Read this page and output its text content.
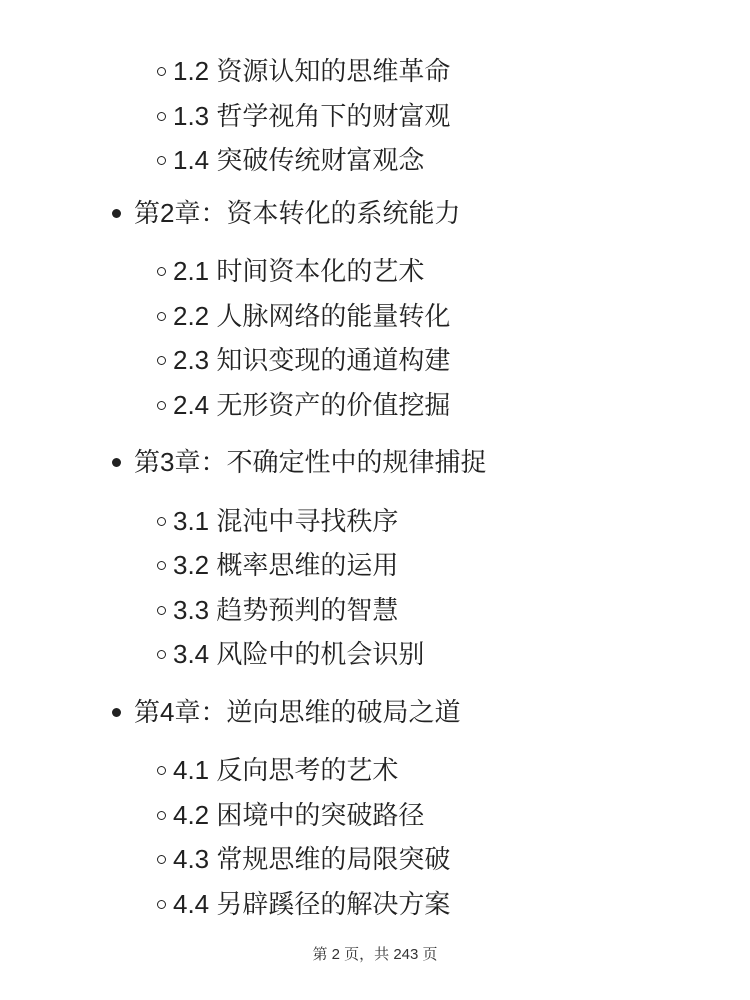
1.2 资源认知的思维革命
1.3 哲学视角下的财富观
1.4 突破传统财富观念
第2章：资本转化的系统能力
2.1 时间资本化的艺术
2.2 人脉网络的能量转化
2.3 知识变现的通道构建
2.4 无形资产的价值挖掘
第3章：不确定性中的规律捕捉
3.1 混沌中寻找秩序
3.2 概率思维的运用
3.3 趋势预判的智慧
3.4 风险中的机会识别
第4章：逆向思维的破局之道
4.1 反向思考的艺术
4.2 困境中的突破路径
4.3 常规思维的局限突破
4.4 另辟蹊径的解决方案
第 2 页，共 243 页
